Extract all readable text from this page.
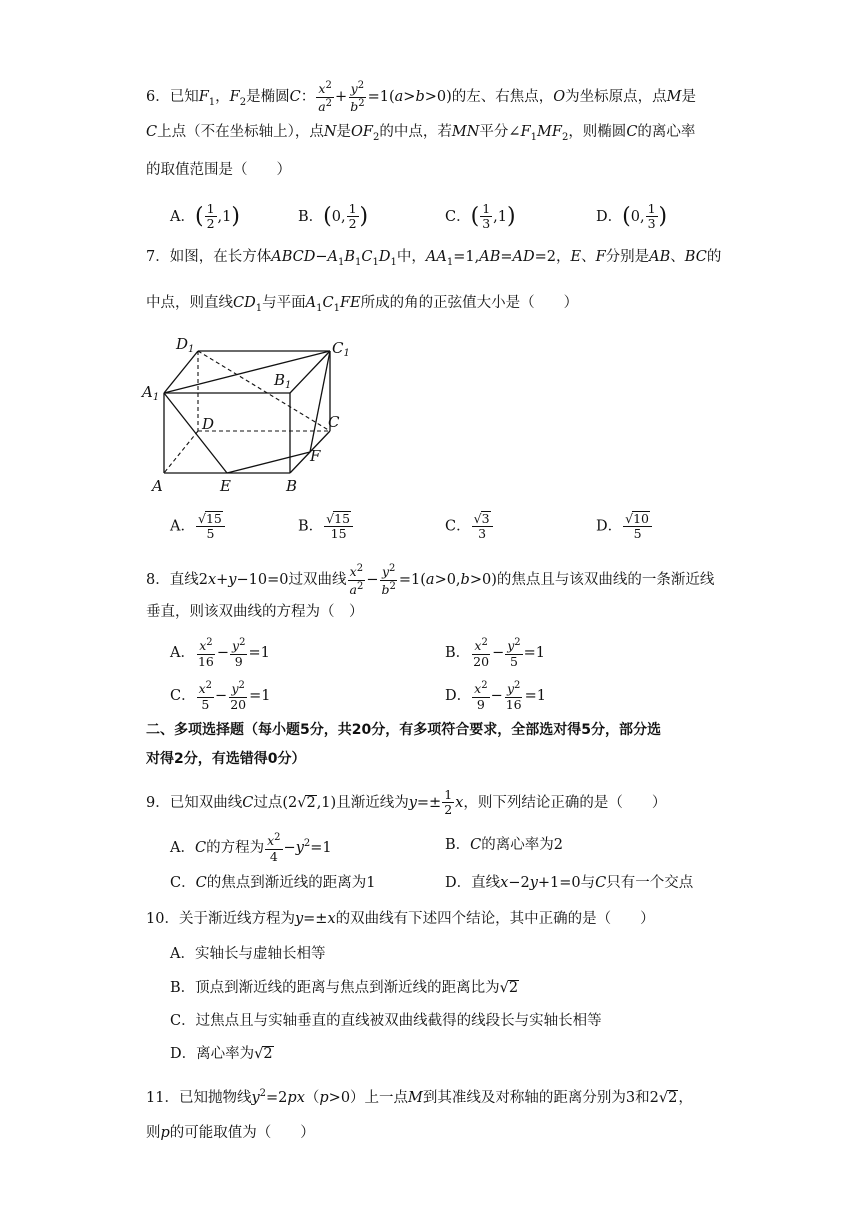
6．已知$F_1$，$F_2$是椭圆C： $\frac{x^2}{a^2} + \frac{y^2}{b^2} =1(a>b>0)$的左、右焦点，O为坐标原点，点M是
C上点（不在坐标轴上），点N是$OF_2$的中点，若MN平分$\angle F_1MF_2$，则椭圆C的离心率
的取值范围是（　　）
A．( $\frac{1}{2} ,1$)	B．(0, $\frac{1}{2}$ )	C．( $\frac{1}{3} ,1$)	D．(0, $\frac{1}{3}$ )
7．如图，在长方体$ABCD-A_1B_1C_1D_1$中，$AA_1=1,AB=AD=2$，E、F分别是AB、BC的
中点，则直线$CD_1$与平面$A_1C_1FE$所成的角的正弦值大小是（　　）
$D_1$	$C_1$
$B_1$
$A_1$
D	C
F
A	E	B
A． $\frac{√15}{5}$	B． $\frac{√15}{15}$	C． $\frac{√3}{3}$	D． $\frac{√10}{5}$
8．直线2x+y−10=0过双曲线 $\frac{x^2}{a^2} - \frac{y^2}{b^2} =1(a>0,b>0)$的焦点且与该双曲线的一条渐近线
垂直，则该双曲线的方程为（　）
A． $\frac{x^2}{16} - \frac{y^2}{9} =1$	B． $\frac{x^2}{20} - \frac{y^2}{5} =1$
C． $\frac{x^2}{5} - \frac{y^2}{20} =1$	D． $\frac{x^2}{9} - \frac{y^2}{16} =1$
二、多项选择题（每小题5分，共20分，有多项符合要求，全部选对得5分，部分选
对得2分，有选错得0分）
9．已知双曲线C过点(2√2,1)且渐近线为$y=\pm \frac{1}{2}$ x，则下列结论正确的是（　　）
A．C的方程为 $\frac{x^2}{4} -y^2=1$	B．C的离心率为2
C．C的焦点到渐近线的距离为1	D．直线x−2y+1=0与C只有一个交点
10．关于渐近线方程为y=±x的双曲线有下述四个结论，其中正确的是（　　）
A．实轴长与虚轴长相等
B．顶点到渐近线的距离与焦点到渐近线的距离比为√2
C．过焦点且与实轴垂直的直线被双曲线截得的线段长与实轴长相等
D．离心率为√2
11．已知抛物线$y^2=2px(p>0)$上一点M到其准线及对称轴的距离分别为3和2√2，
则p的可能取值为（　　）
